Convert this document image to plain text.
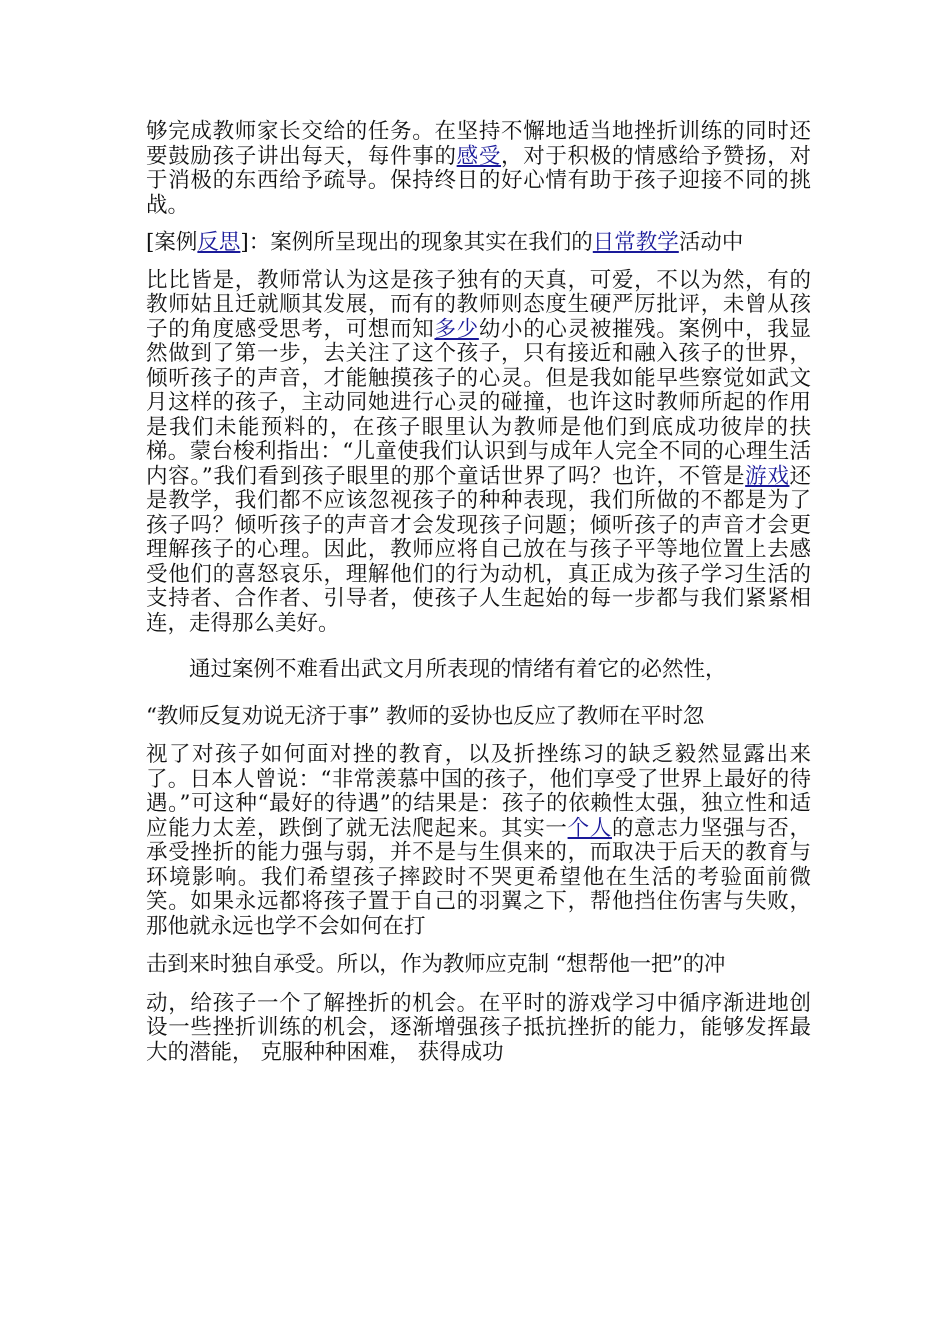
够完成教师家长交给的任务。在坚持不懈地适当地挫折训练的同时还要鼓励孩子讲出每天，每件事的感受，对于积极的情感给予赞扬，对于消极的东西给予疏导。保持终日的好心情有助于孩子迎接不同的挑战。

[案例反思]：案例所呈现出的现象其实在我们的日常教学活动中

比比皆是，教师常认为这是孩子独有的天真，可爱，不以为然，有的教师姑且迁就顺其发展，而有的教师则态度生硬严厉批评，未曾从孩子的角度感受思考，可想而知多少幼小的心灵被摧残。案例中，我显然做到了第一步，去关注了这个孩子，只有接近和融入孩子的世界，倾听孩子的声音，才能触摸孩子的心灵。但是我如能早些察觉如武文月这样的孩子，主动同她进行心灵的碰撞，也许这时教师所起的作用是我们未能预料的，在孩子眼里认为教师是他们到底成功彼岸的扶梯。蒙台梭利指出：“儿童使我们认识到与成年人完全不同的心理生活内容。”我们看到孩子眼里的那个童话世界了吗？也许，不管是游戏还是教学，我们都不应该忽视孩子的种种表现，我们所做的不都是为了孩子吗？倾听孩子的声音才会发现孩子问题；倾听孩子的声音才会更理解孩子的心理。因此，教师应将自己放在与孩子平等地位置上去感受他们的喜怒哀乐，理解他们的行为动机，真正成为孩子学习生活的支持者、合作者、引导者，使孩子人生起始的每一步都与我们紧紧相连，走得那么美好。

通过案例不难看出武文月所表现的情绪有着它的必然性，

“教师反复劝说无济于事” 教师的妥协也反应了教师在平时忽

视了对孩子如何面对挫的教育，以及折挫练习的缺乏毅然显露出来了。日本人曾说：“非常羡慕中国的孩子，他们享受了世界上最好的待遇。”可这种“最好的待遇”的结果是：孩子的依赖性太强，独立性和适应能力太差，跌倒了就无法爬起来。其实一个人的意志力坚强与否，承受挫折的能力强与弱，并不是与生俱来的，而取决于后天的教育与环境影响。我们希望孩子摔跤时不哭更希望他在生活的考验面前微笑。如果永远都将孩子置于自己的羽翼之下，帮他挡住伤害与失败，那他就永远也学不会如何在打

击到来时独自承受。所以，作为教师应克制 “想帮他一把”的冲

动，给孩子一个了解挫折的机会。在平时的游戏学习中循序渐进地创设一些挫折训练的机会，逐渐增强孩子抵抗挫折的能力，能够发挥最大的潜能， 克服种种困难， 获得成功
